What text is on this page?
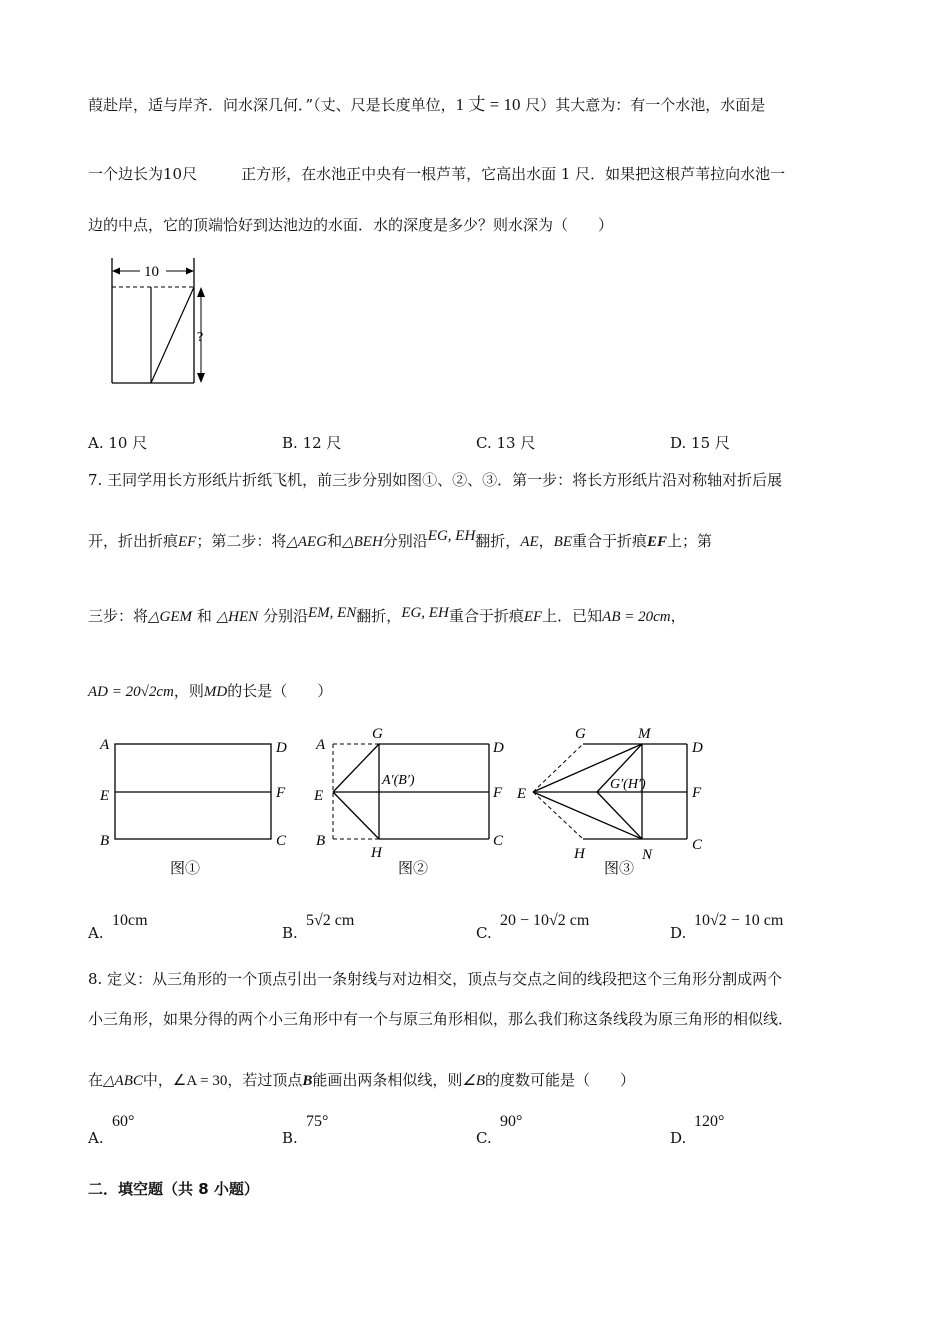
葭赴岸，适与岸齐．问水深几何．”（丈、尺是长度单位，1 丈 = 10 尺）其大意为：有一个水池，水面是
一个边长为10尺	正方形，在水池正中央有一根芦苇，它高出水面 1 尺．如果把这根芦苇拉向水池一
边的中点，它的顶端恰好到达池边的水面．水的深度是多少？则水深为（　　）
10
?
A. 10 尺	B. 12 尺	C. 13 尺	D. 15 尺
7. 王同学用长方形纸片折纸飞机，前三步分别如图①、②、③．第一步：将长方形纸片沿对称轴对折后展
开，折出折痕EF；第二步：将△AEG和△BEH分别沿EG, EH翻折，AE，BE重合于折痕EF上；第
三步：将△GEM 和 △HEN 分别沿EM, EN翻折，EG, EH重合于折痕EF上．已知AB = 20cm，
AD = 20√2cm，则MD的长是（　　）
A	D
E	F
B	C
图①
A
G
D
E
A′(B′)
F
B
H
C
图②
G	M
D
E
G′(H′)
F
H	N
C
图③
A.
10cm
B.
5√2 cm
C.
20 − 10√2 cm
D.
10√2 − 10 cm
8. 定义：从三角形的一个顶点引出一条射线与对边相交，顶点与交点之间的线段把这个三角形分割成两个
小三角形，如果分得的两个小三角形中有一个与原三角形相似，那么我们称这条线段为原三角形的相似线．
在△ABC中，∠A = 30，若过顶点B能画出两条相似线，则∠B的度数可能是（　　）
A.
60°
B.
75°
C.
90°
D.
120°
二．填空题（共 8 小题）
